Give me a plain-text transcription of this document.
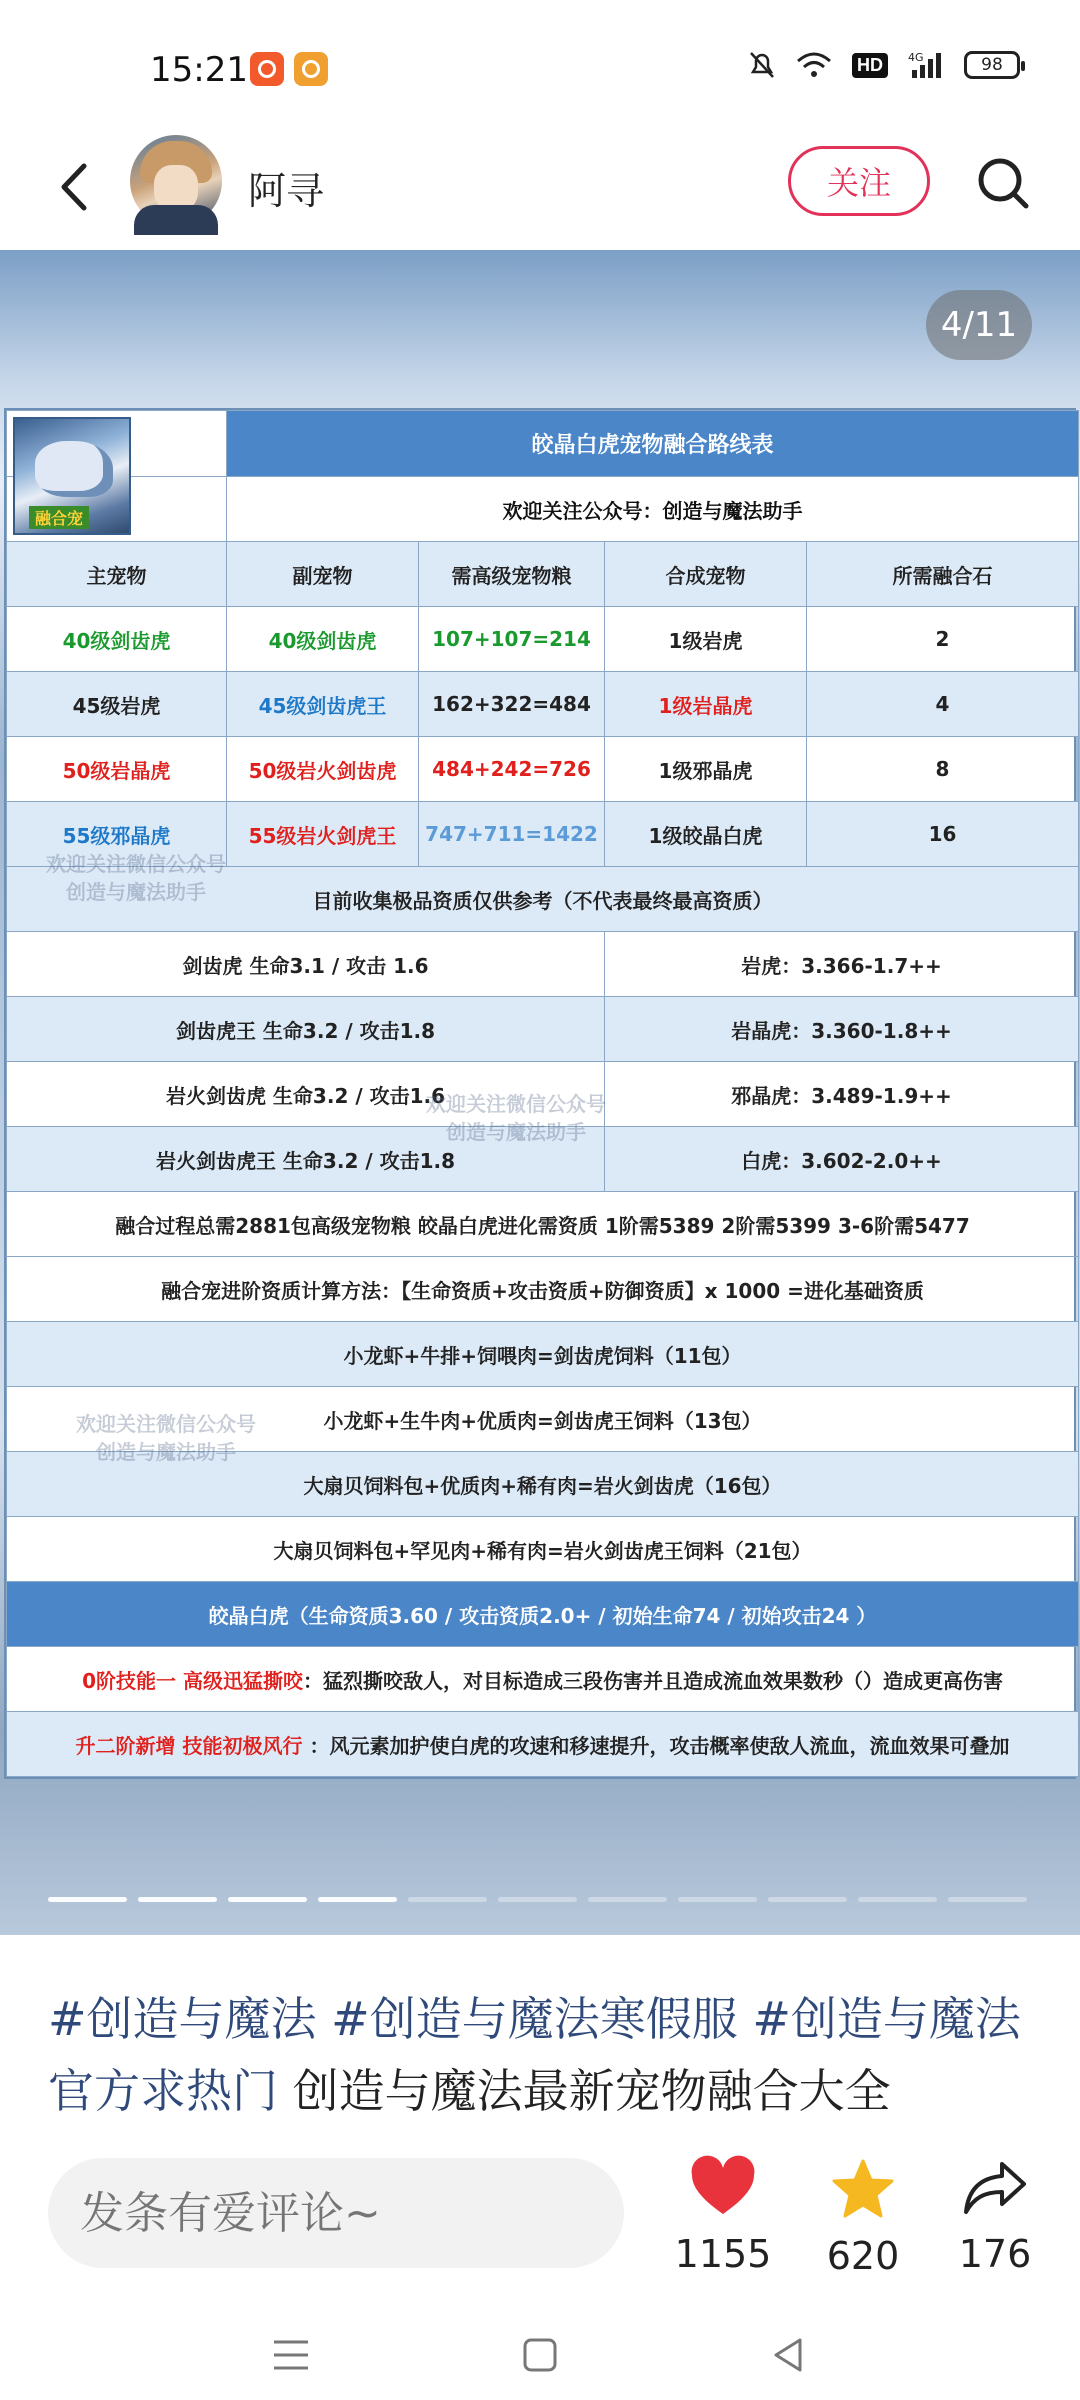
15:21	HD	4G	98
阿寻	关注
4/11
融合宠	皎晶白虎宠物融合路线表			
	欢迎关注公众号：创造与魔法助手			
主宠物	副宠物	需高级宠物粮	合成宠物	所需融合石
40级剑齿虎	40级剑齿虎	107+107=214	1级岩虎	2
45级岩虎	45级剑齿虎王	162+322=484	1级岩晶虎	4
50级岩晶虎	50级岩火剑齿虎	484+242=726	1级邪晶虎	8
55级邪晶虎	55级岩火剑虎王	747+711=1422	1级皎晶白虎	16
目前收集极品资质仅供参考（不代表最终最高资质）				
剑齿虎 生命3.1 / 攻击 1.6			岩虎：3.366-1.7++	
剑齿虎王 生命3.2 / 攻击1.8			岩晶虎：3.360-1.8++	
岩火剑齿虎 生命3.2 / 攻击1.6			邪晶虎：3.489-1.9++	
岩火剑齿虎王 生命3.2 / 攻击1.8			白虎：3.602-2.0++	
融合过程总需2881包高级宠物粮 皎晶白虎进化需资质 1阶需5389 2阶需5399 3-6阶需5477				
融合宠进阶资质计算方法：【生命资质+攻击资质+防御资质】x 1000 =进化基础资质				
小龙虾+牛排+饲喂肉=剑齿虎饲料（11包）				
小龙虾+生牛肉+优质肉=剑齿虎王饲料（13包）				
大扇贝饲料包+优质肉+稀有肉=岩火剑齿虎（16包）				
大扇贝饲料包+罕见肉+稀有肉=岩火剑齿虎王饲料（21包）				
皎晶白虎（生命资质3.60 / 攻击资质2.0+ / 初始生命74 / 初始攻击24 ）				
0阶技能一 高级迅猛撕咬：猛烈撕咬敌人，对目标造成三段伤害并且造成流血效果数秒（）造成更高伤害				
升二阶新增 技能初极风行 ：风元素加护使白虎的攻速和移速提升，攻击概率使敌人流血，流血效果可叠加				
欢迎关注微信公众号
创造与魔法助手
欢迎关注微信公众号
创造与魔法助手
欢迎关注微信公众号
创造与魔法助手
#创造与魔法 #创造与魔法寒假服 #创造与魔法官方求热门 创造与魔法最新宠物融合大全
发条有爱评论~
1155	620	176
